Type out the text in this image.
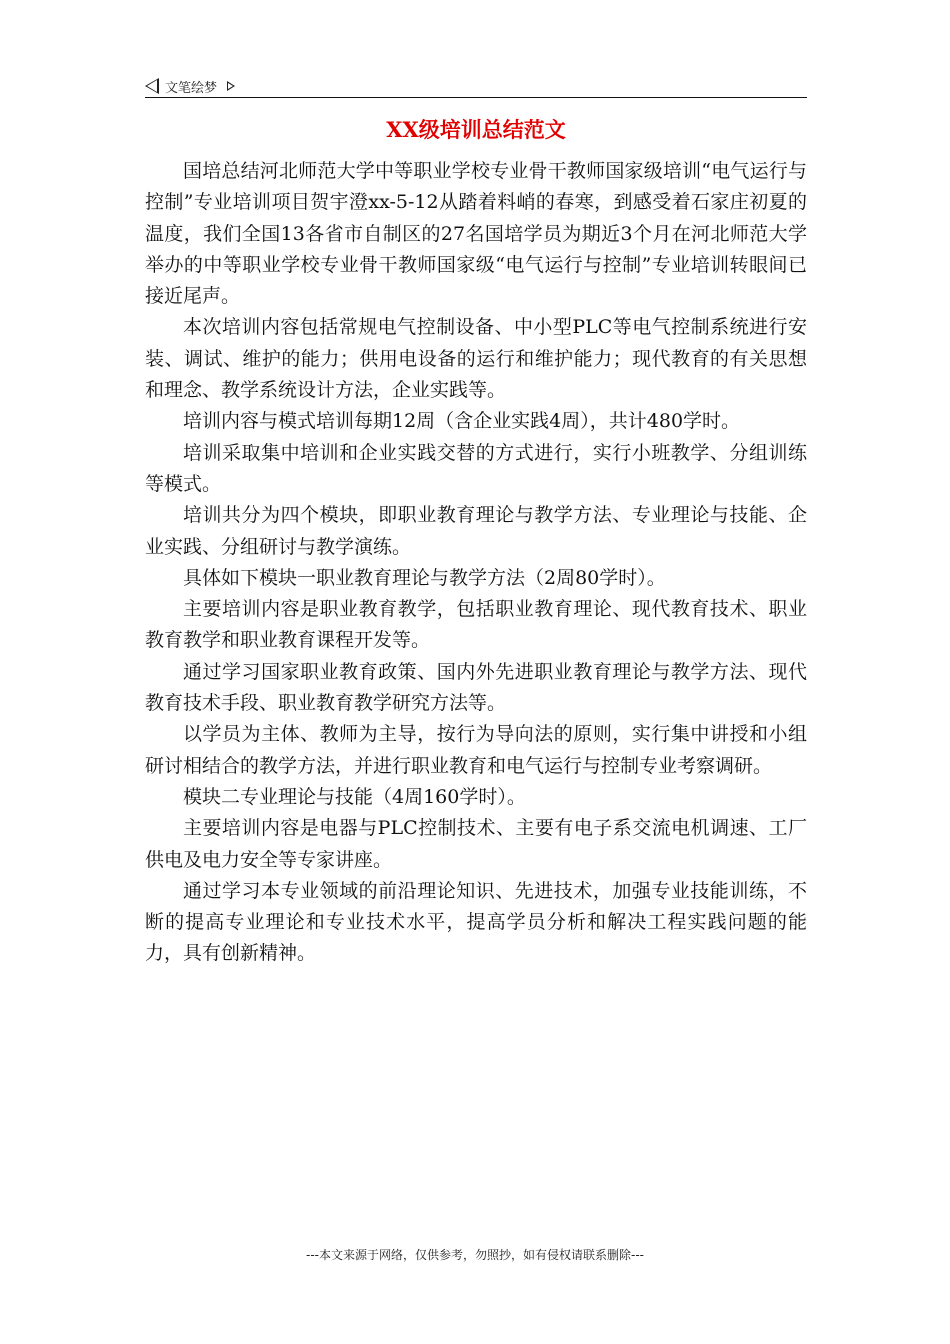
文笔绘梦
XX级培训总结范文

国培总结河北师范大学中等职业学校专业骨干教师国家级培训“电气运行与控制”专业培训项目贺宇澄xx-5-12从踏着料峭的春寒，到感受着石家庄初夏的温度，我们全国13各省市自制区的27名国培学员为期近3个月在河北师范大学举办的中等职业学校专业骨干教师国家级“电气运行与控制”专业培训转眼间已接近尾声。

本次培训内容包括常规电气控制设备、中小型PLC等电气控制系统进行安装、调试、维护的能力；供用电设备的运行和维护能力；现代教育的有关思想和理念、教学系统设计方法，企业实践等。

培训内容与模式培训每期12周（含企业实践4周），共计480学时。

培训采取集中培训和企业实践交替的方式进行，实行小班教学、分组训练等模式。

培训共分为四个模块，即职业教育理论与教学方法、专业理论与技能、企业实践、分组研讨与教学演练。

具体如下模块一职业教育理论与教学方法（2周80学时）。

主要培训内容是职业教育教学，包括职业教育理论、现代教育技术、职业教育教学和职业教育课程开发等。

通过学习国家职业教育政策、国内外先进职业教育理论与教学方法、现代教育技术手段、职业教育教学研究方法等。

以学员为主体、教师为主导，按行为导向法的原则，实行集中讲授和小组研讨相结合的教学方法，并进行职业教育和电气运行与控制专业考察调研。

模块二专业理论与技能（4周160学时）。

主要培训内容是电器与PLC控制技术、主要有电子系交流电机调速、工厂供电及电力安全等专家讲座。

通过学习本专业领域的前沿理论知识、先进技术，加强专业技能训练，不断的提高专业理论和专业技术水平，提高学员分析和解决工程实践问题的能力，具有创新精神。

---本文来源于网络，仅供参考，勿照抄，如有侵权请联系删除---
